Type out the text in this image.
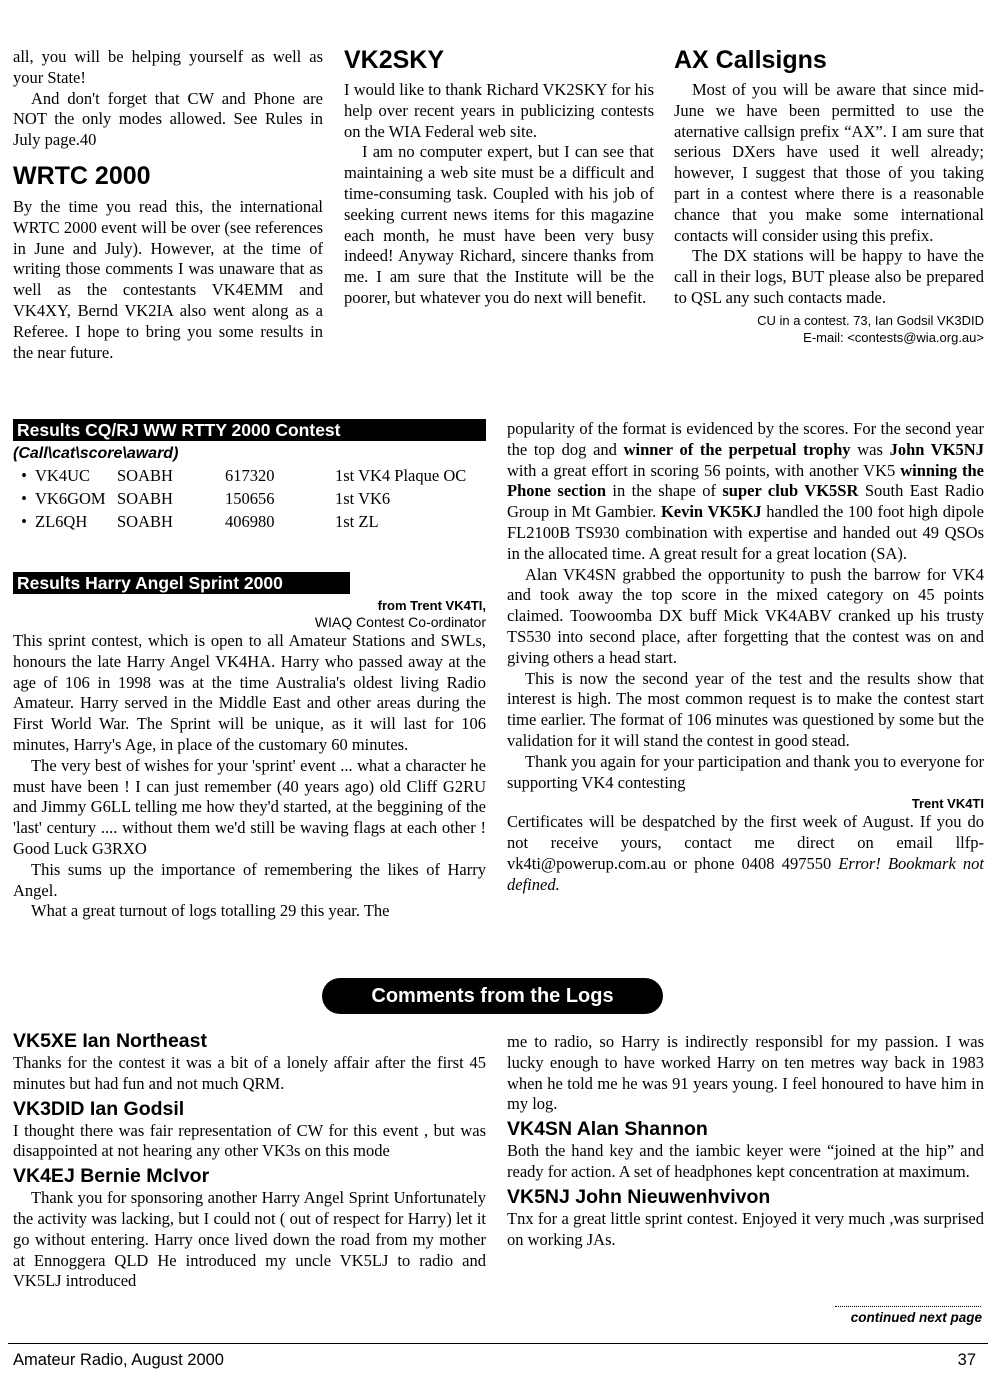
all, you will be helping yourself as well as your State!

And don't forget that CW and Phone are NOT the only modes allowed. See Rules in July page.40

WRTC 2000

By the time you read this, the international WRTC 2000 event will be over (see references in June and July). However, at the time of writing those comments I was unaware that as well as the contestants VK4EMM and VK4XY, Bernd VK2IA also went along as a Referee. I hope to bring you some results in the near future.

VK2SKY

I would like to thank Richard VK2SKY for his help over recent years in publicizing contests on the WIA Federal web site.

I am no computer expert, but I can see that maintaining a web site must be a difficult and time-consuming task. Coupled with his job of seeking current news items for this magazine each month, he must have been very busy indeed! Anyway Richard, sincere thanks from me. I am sure that the Institute will be the poorer, but whatever you do next will benefit.

AX Callsigns

Most of you will be aware that since mid-June we have been permitted to use the aternative callsign prefix “AX”. I am sure that serious DXers have used it well already; however, I suggest that those of you taking part in a contest where there is a reasonable chance that you make some international contacts will consider using this prefix.

The DX stations will be happy to have the call in their logs, BUT please also be prepared to QSL any such contacts made.

CU in a contest. 73, Ian Godsil VK3DID
E-mail: <contests@wia.org.au>
Results CQ/RJ WW RTTY 2000 Contest
(Call\cat\score\award)
• VK4UC	SOABH	617320	1st VK4 Plaque OC
• VK6GOM SOABH	150656	1st VK6
• ZL6QH	SOABH	406980	1st ZL
Results Harry Angel Sprint 2000
from Trent VK4TI,
WIAQ Contest Co-ordinator

This sprint contest, which is open to all Amateur Stations and SWLs, honours the late Harry Angel VK4HA. Harry who passed away at the age of 106 in 1998 was at the time Australia's oldest living Radio Amateur. Harry served in the Middle East and other areas during the First World War. The Sprint will be unique, as it will last for 106 minutes, Harry's Age, in place of the customary 60 minutes.

The very best of wishes for your 'sprint' event ... what a character he must have been ! I can just remember (40 years ago) old Cliff G2RU and Jimmy G6LL telling me how they'd started, at the beggining of the 'last' century .... without them we'd still be waving flags at each other ! Good Luck G3RXO

This sums up the importance of remembering the likes of Harry Angel.

What a great turnout of logs totalling 29 this year. The

popularity of the format is evidenced by the scores. For the second year the top dog and winner of the perpetual trophy was John VK5NJ with a great effort in scoring 56 points, with another VK5 winning the Phone section in the shape of super club VK5SR South East Radio Group in Mt Gambier. Kevin VK5KJ handled the 100 foot high dipole FL2100B TS930 combination with expertise and handed out 49 QSOs in the allocated time. A great result for a great location (SA).

Alan VK4SN grabbed the opportunity to push the barrow for VK4 and took away the top score in the mixed category on 45 points claimed. Toowoomba DX buff Mick VK4ABV cranked up his trusty TS530 into second place, after forgetting that the contest was on and giving others a head start.

This is now the second year of the test and the results show that interest is high. The most common request is to make the contest start time earlier. The format of 106 minutes was questioned by some but the validation for it will stand the contest in good stead.

Thank you again for your participation and thank you to everyone for supporting VK4 contesting

Trent VK4TI

Certificates will be despatched by the first week of August. If you do not receive yours, contact me direct on email llfp-vk4ti@powerup.com.au or phone 0408 497550 Error! Bookmark not defined.

Comments from the Logs
VK5XE Ian Northeast

Thanks for the contest it was a bit of a lonely affair after the first 45 minutes but had fun and not much QRM.

VK3DID Ian Godsil

I thought there was fair representation of CW for this event , but was disappointed at not hearing any other VK3s on this mode

VK4EJ Bernie McIvor

Thank you for sponsoring another Harry Angel Sprint Unfortunately the activity was lacking, but I could not ( out of respect for Harry) let it go without entering. Harry once lived down the road from my mother at Ennoggera QLD He introduced my uncle VK5LJ to radio and VK5LJ introduced

me to radio, so Harry is indirectly responsibl for my passion. I was lucky enough to have worked Harry on ten metres way back in 1983 when he told me he was 91 years young. I feel honoured to have him in my log.

VK4SN Alan Shannon

Both the hand key and the iambic keyer were “joined at the hip” and ready for action. A set of headphones kept concentration at maximum.

VK5NJ John Nieuwenhvivon

Tnx for a great little sprint contest. Enjoyed it very much ,was surprised on working JAs.

continued next page
Amateur Radio, August 2000	37
